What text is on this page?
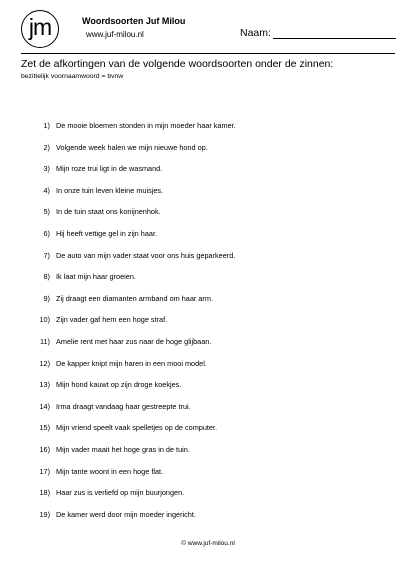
jm	Woordsoorten Juf Milou
www.juf-milou.nl	Naam:
Zet de afkortingen van de volgende woordsoorten onder de zinnen:
bezittelijk voornaamwoord = bvnw
1) De mooie bloemen stonden in mijn moeder haar kamer.
2) Volgende week halen we mijn nieuwe hond op.
3) Mijn roze trui ligt in de wasmand.
4) In onze tuin leven kleine muisjes.
5) In de tuin staat ons konijnenhok.
6) Hij heeft vettige gel in zijn haar.
7) De auto van mijn vader staat voor ons huis geparkeerd.
8) Ik laat mijn haar groeien.
9) Zij draagt een diamanten armband om haar arm.
10) Zijn vader gaf hem een hoge straf.
11) Amelie rent met haar zus naar de hoge glijbaan.
12) De kapper knipt mijn haren in een mooi model.
13) Mijn hond kauwt op zijn droge koekjes.
14) Irma draagt vandaag haar gestreepte trui.
15) Mijn vriend speelt vaak spelletjes op de computer.
16) Mijn vader maait het hoge gras in de tuin.
17) Mijn tante woont in een hoge flat.
18) Haar zus is verliefd op mijn buurjongen.
19) De kamer werd door mijn moeder ingericht.
© www.juf-milou.nl
